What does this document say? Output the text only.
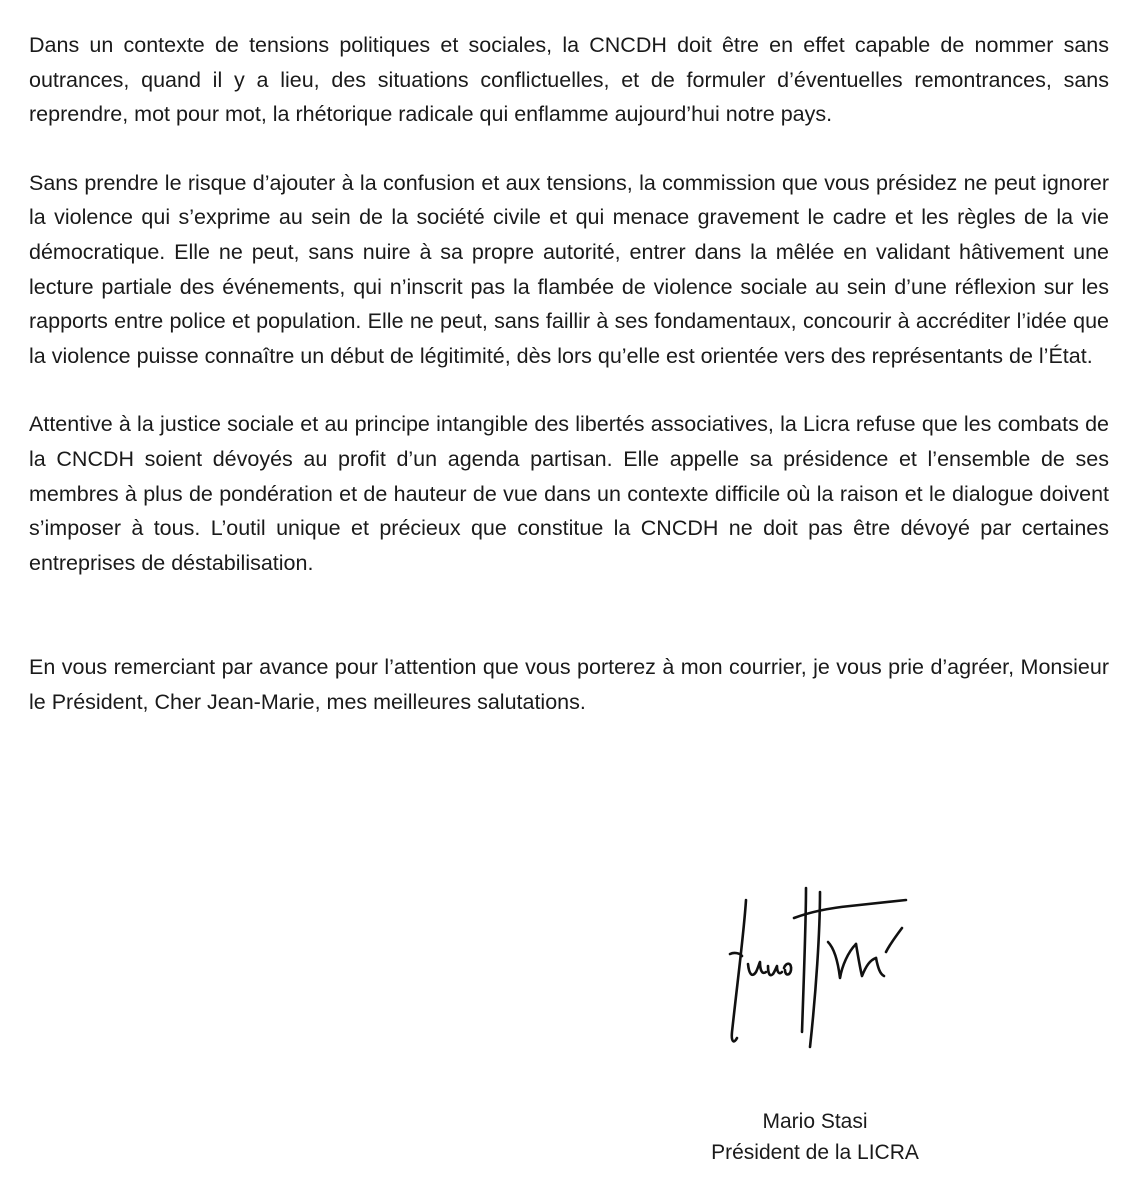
Dans un contexte de tensions politiques et sociales, la CNCDH doit être en effet capable de nommer sans outrances, quand il y a lieu, des situations conflictuelles, et de formuler d’éventuelles remontrances, sans reprendre, mot pour mot, la rhétorique radicale qui enflamme aujourd’hui notre pays.

Sans prendre le risque d’ajouter à la confusion et aux tensions, la commission que vous présidez ne peut ignorer la violence qui s’exprime au sein de la société civile et qui menace gravement le cadre et les règles de la vie démocratique. Elle ne peut, sans nuire à sa propre autorité, entrer dans la mêlée en validant hâtivement une lecture partiale des événements, qui n’inscrit pas la flambée de violence sociale au sein d’une réflexion sur les rapports entre police et population. Elle ne peut, sans faillir à ses fondamentaux, concourir à accréditer l’idée que la violence puisse connaître un début de légitimité, dès lors qu’elle est orientée vers des représentants de l’État.

Attentive à la justice sociale et au principe intangible des libertés associatives, la Licra refuse que les combats de la CNCDH soient dévoyés au profit d’un agenda partisan. Elle appelle sa présidence et l’ensemble de ses membres à plus de pondération et de hauteur de vue dans un contexte difficile où la raison et le dialogue doivent s’imposer à tous. L’outil unique et précieux que constitue la CNCDH ne doit pas être dévoyé par certaines entreprises de déstabilisation.

En vous remerciant par avance pour l’attention que vous porterez à mon courrier, je vous prie d’agréer, Monsieur le Président, Cher Jean-Marie, mes meilleures salutations.

Mario Stasi
Président de la LICRA
